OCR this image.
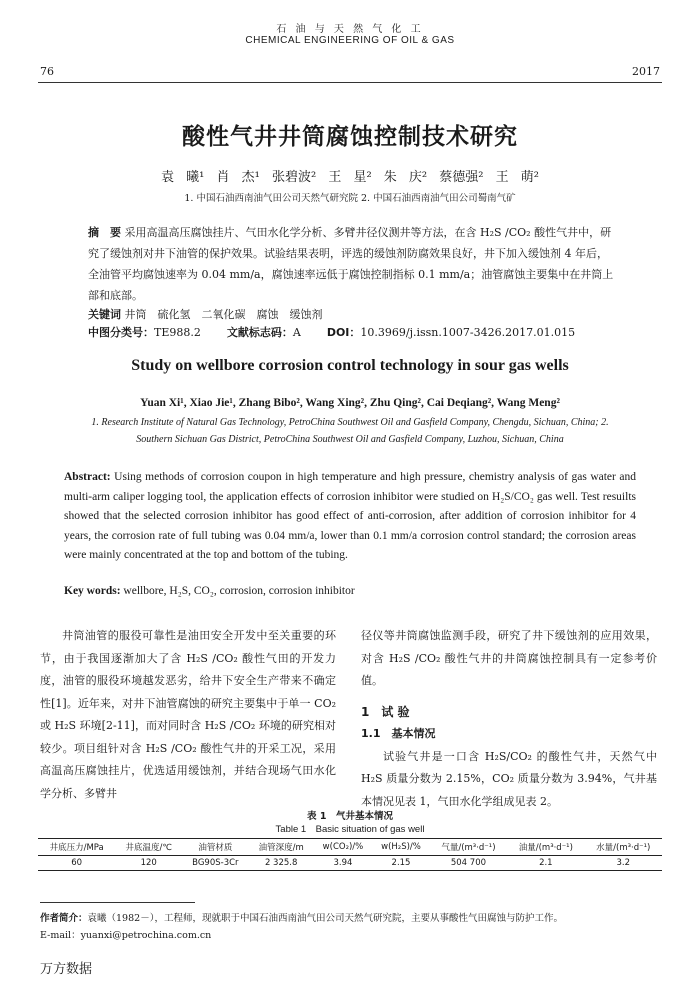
石 油 与 天 然 气 化 工
CHEMICAL ENGINEERING OF OIL & GAS
76	2017
酸性气井井筒腐蚀控制技术研究
袁 曦¹ 肖 杰¹ 张碧波² 王 星² 朱 庆² 蔡德强² 王 萌²
1. 中国石油西南油气田公司天然气研究院 2. 中国石油西南油气田公司蜀南气矿
摘　要 采用高温高压腐蚀挂片、气田水化学分析、多臂井径仪测井等方法，在含 H₂S /CO₂ 酸性气井中，研究了缓蚀剂对井下油管的保护效果。试验结果表明，评选的缓蚀剂防腐效果良好，井下加入缓蚀剂 4 年后，全油管平均腐蚀速率为 0.04 mm/a，腐蚀速率远低于腐蚀控制指标 0.1 mm/a；油管腐蚀主要集中在井筒上部和底部。
关键词 井筒　硫化氢　二氧化碳　腐蚀　缓蚀剂
中图分类号：TE988.2 文献标志码：A DOI：10.3969/j.issn.1007-3426.2017.01.015
Study on wellbore corrosion control technology in sour gas wells
Yuan Xi¹, Xiao Jie¹, Zhang Bibo², Wang Xing², Zhu Qing², Cai Deqiang², Wang Meng²
1. Research Institute of Natural Gas Technology, PetroChina Southwest Oil and Gasfield Company, Chengdu, Sichuan, China; 2. Southern Sichuan Gas District, PetroChina Southwest Oil and Gasfield Company, Luzhou, Sichuan, China
Abstract: Using methods of corrosion coupon in high temperature and high pressure, chemistry analysis of gas water and multi-arm caliper logging tool, the application effects of corrosion inhibitor were studied on H₂S/CO₂ gas well. Test resuilts showed that the selected corrosion inhibitor has good effect of anti-corrosion, after addition of corrosion inhibitor for 4 years, the corrosion rate of full tubing was 0.04 mm/a, lower than 0.1 mm/a corrosion control standard; the corrosion areas were mainly concentrated at the top and bottom of the tubing.
Key words: wellbore, H₂S, CO₂, corrosion, corrosion inhibitor

井筒油管的服役可靠性是油田安全开发中至关重要的环节，由于我国逐渐加大了含 H₂S /CO₂ 酸性气田的开发力度，油管的服役环境越发恶劣，给井下安全生产带来不确定性[1]。近年来，对井下油管腐蚀的研究主要集中于单一 CO₂ 或 H₂S 环境[2-11]，而对同时含 H₂S /CO₂ 环境的研究相对较少。项目组针对含 H₂S /CO₂ 酸性气井的开采工况，采用高温高压腐蚀挂片，优选适用缓蚀剂，并结合现场气田水化学分析、多臂井

径仪等井筒腐蚀监测手段，研究了井下缓蚀剂的应用效果，对含 H₂S /CO₂ 酸性气井的井筒腐蚀控制具有一定参考价值。

1　试 验

1.1　基本情况

试验气井是一口含 H₂S/CO₂ 的酸性气井，天然气中 H₂S 质量分数为 2.15%，CO₂ 质量分数为 3.94%，气井基本情况见表 1，气田水化学组成见表 2。

表 1　气井基本情况
Table 1　Basic situation of gas well
井底压力/MPa	井底温度/℃	油管材质	油管深度/m	w(CO₂)/%	w(H₂S)/%	气量/(m³·d⁻¹)	油量/(m³·d⁻¹)	水量/(m³·d⁻¹)
60	120	BG90S-3Cr	2 325.8	3.94	2.15	504 700	2.1	3.2
作者简介：袁曦（1982－），工程师，现就职于中国石油西南油气田公司天然气研究院，主要从事酸性气田腐蚀与防护工作。
E-mail：yuanxi@petrochina.com.cn
万方数据
